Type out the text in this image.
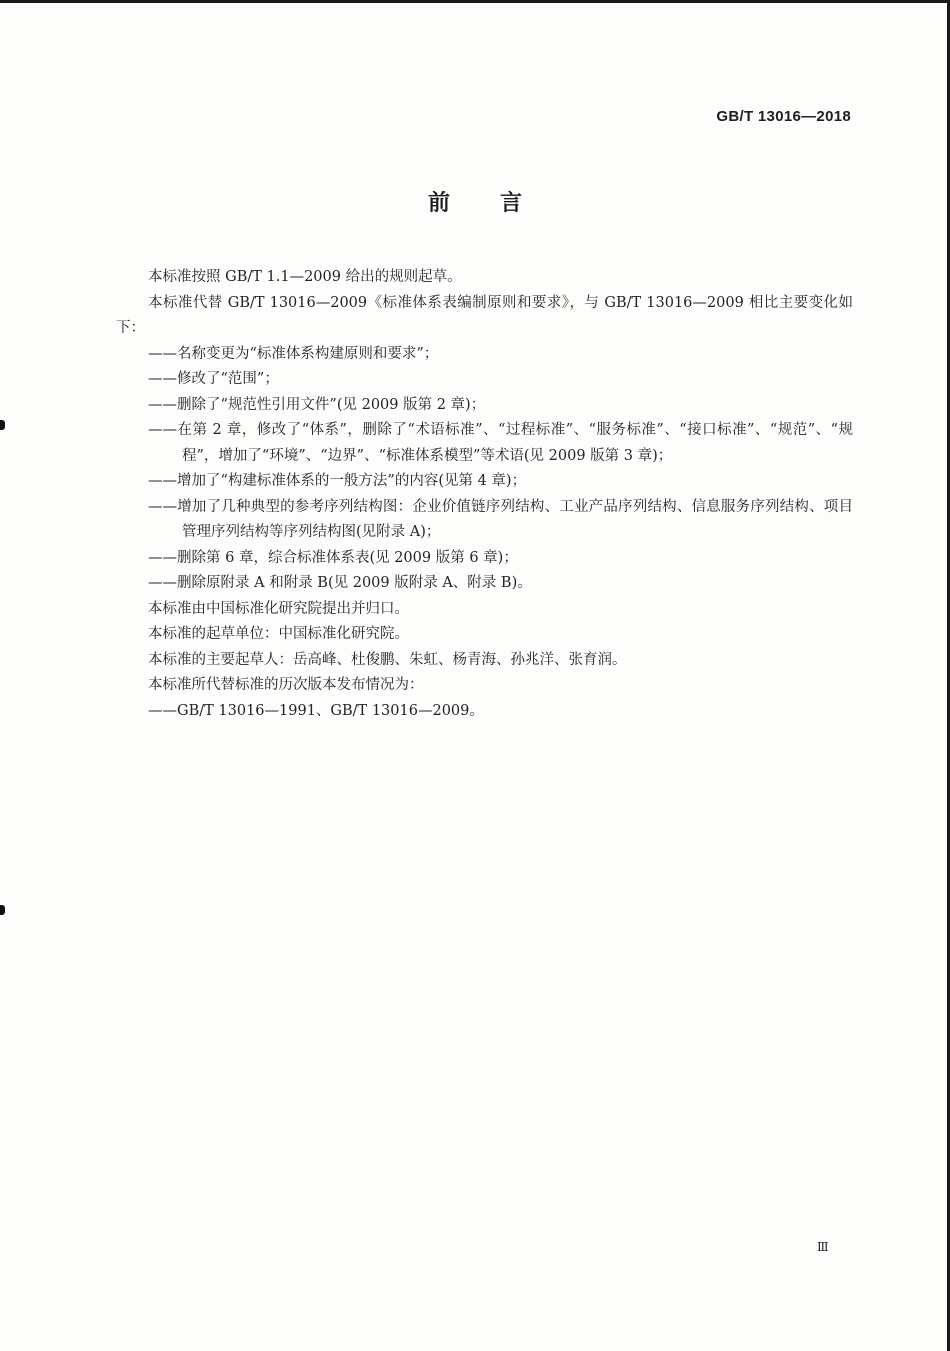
GB/T 13016—2018
前言

本标准按照 GB/T 1.1—2009 给出的规则起草。

本标准代替 GB/T 13016—2009《标准体系表编制原则和要求》，与 GB/T 13016—2009 相比主要变化如下：

——名称变更为“标准体系构建原则和要求”；

——修改了“范围”；

——删除了“规范性引用文件”(见 2009 版第 2 章)；

——在第 2 章，修改了“体系”，删除了“术语标准”、“过程标准”、“服务标准”、“接口标准”、“规范”、“规程”，增加了“环境”、“边界”、“标准体系模型”等术语(见 2009 版第 3 章)；

——增加了“构建标准体系的一般方法”的内容(见第 4 章)；

——增加了几种典型的参考序列结构图：企业价值链序列结构、工业产品序列结构、信息服务序列结构、项目管理序列结构等序列结构图(见附录 A)；

——删除第 6 章，综合标准体系表(见 2009 版第 6 章)；

——删除原附录 A 和附录 B(见 2009 版附录 A、附录 B)。

本标准由中国标准化研究院提出并归口。

本标准的起草单位：中国标准化研究院。

本标准的主要起草人：岳高峰、杜俊鹏、朱虹、杨青海、孙兆洋、张育润。

本标准所代替标准的历次版本发布情况为：

——GB/T 13016—1991、GB/T 13016—2009。

Ⅲ
